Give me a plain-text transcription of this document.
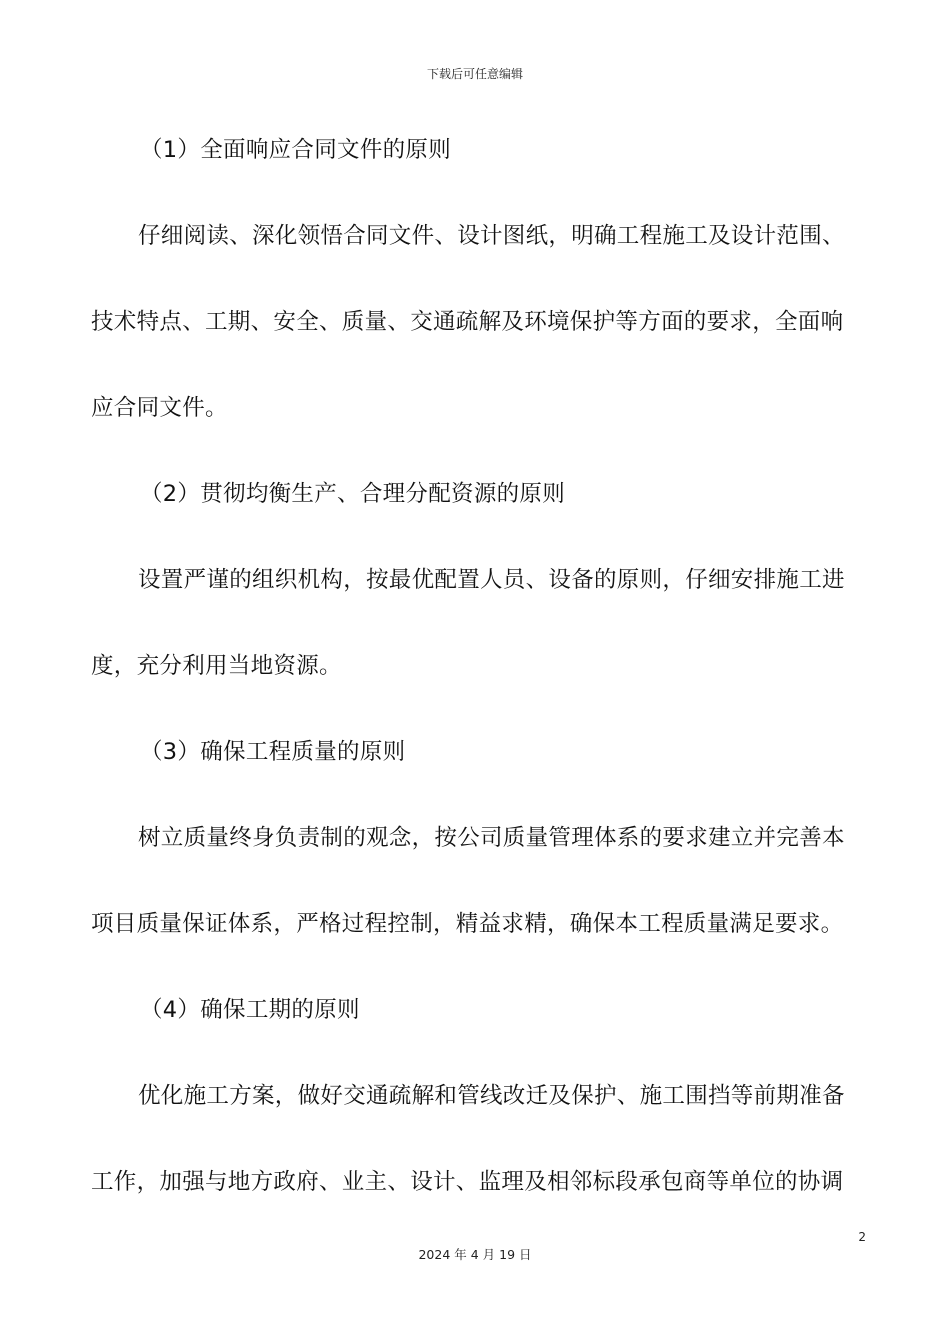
下载后可任意编辑
（1）全面响应合同文件的原则
仔细阅读、深化领悟合同文件、设计图纸，明确工程施工及设计范围、
技术特点、工期、安全、质量、交通疏解及环境保护等方面的要求，全面响
应合同文件。
（2）贯彻均衡生产、合理分配资源的原则
设置严谨的组织机构，按最优配置人员、设备的原则，仔细安排施工进
度，充分利用当地资源。
（3）确保工程质量的原则
树立质量终身负责制的观念，按公司质量管理体系的要求建立并完善本
项目质量保证体系，严格过程控制，精益求精，确保本工程质量满足要求。
（4）确保工期的原则
优化施工方案，做好交通疏解和管线改迁及保护、施工围挡等前期准备
工作，加强与地方政府、业主、设计、监理及相邻标段承包商等单位的协调
2
2024 年 4 月 19 日
